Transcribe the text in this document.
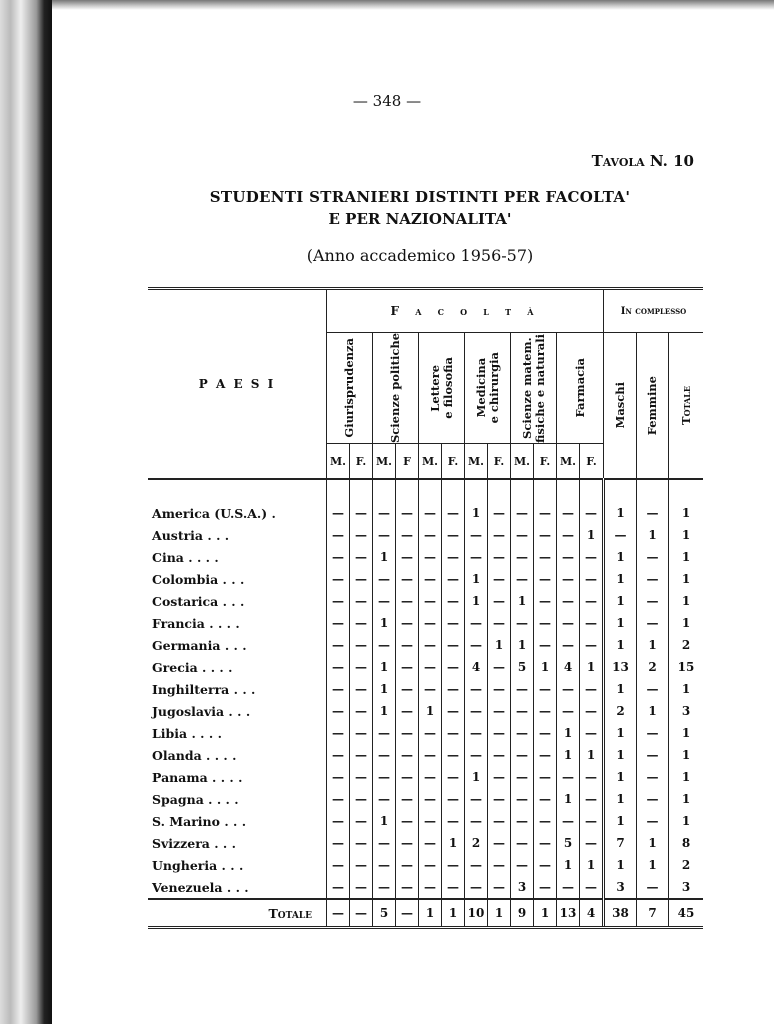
— 348 —
Tavola N. 10
STUDENTI STRANIERI DISTINTI PER FACOLTA'
E PER NAZIONALITA'
(Anno accademico 1956-57)
P A E S I	F a c o l t à												In complesso		

	Giurisprudenza		Scienze politiche		Lettere
e filosofia		Medicina
e chirurgia		Scienze matem.
fisiche e naturali		Farmacia		Maschi	Femmine	Totale

	M.	F.	M.	F	M.	F.	M.	F.	M.	F.	M.	F.			
America (U.S.A.) .	—	—	—	—	—	—	1	—	—	—	—	—	1	—	1
Austria . . .	—	—	—	—	—	—	—	—	—	—	—	1	—	1	1
Cina . . . .	—	—	1	—	—	—	—	—	—	—	—	—	1	—	1
Colombia . . .	—	—	—	—	—	—	1	—	—	—	—	—	1	—	1
Costarica . . .	—	—	—	—	—	—	1	—	1	—	—	—	1	—	1
Francia . . . .	—	—	1	—	—	—	—	—	—	—	—	—	1	—	1
Germania . . .	—	—	—	—	—	—	—	1	1	—	—	—	1	1	2
Grecia . . . .	—	—	1	—	—	—	4	—	5	1	4	1	13	2	15
Inghilterra . . .	—	—	1	—	—	—	—	—	—	—	—	—	1	—	1
Jugoslavia . . .	—	—	1	—	1	—	—	—	—	—	—	—	2	1	3
Libia . . . .	—	—	—	—	—	—	—	—	—	—	1	—	1	—	1
Olanda . . . .	—	—	—	—	—	—	—	—	—	—	1	1	1	—	1
Panama . . . .	—	—	—	—	—	—	1	—	—	—	—	—	1	—	1
Spagna . . . .	—	—	—	—	—	—	—	—	—	—	1	—	1	—	1
S. Marino . . .	—	—	1	—	—	—	—	—	—	—	—	—	1	—	1
Svizzera . . .	—	—	—	—	—	1	2	—	—	—	5	—	7	1	8
Ungheria . . .	—	—	—	—	—	—	—	—	—	—	1	1	1	1	2
Venezuela . . .	—	—	—	—	—	—	—	—	3	—	—	—	3	—	3
Totale	—	—	5	—	1	1	10	1	9	1	13	4	38	7	45
